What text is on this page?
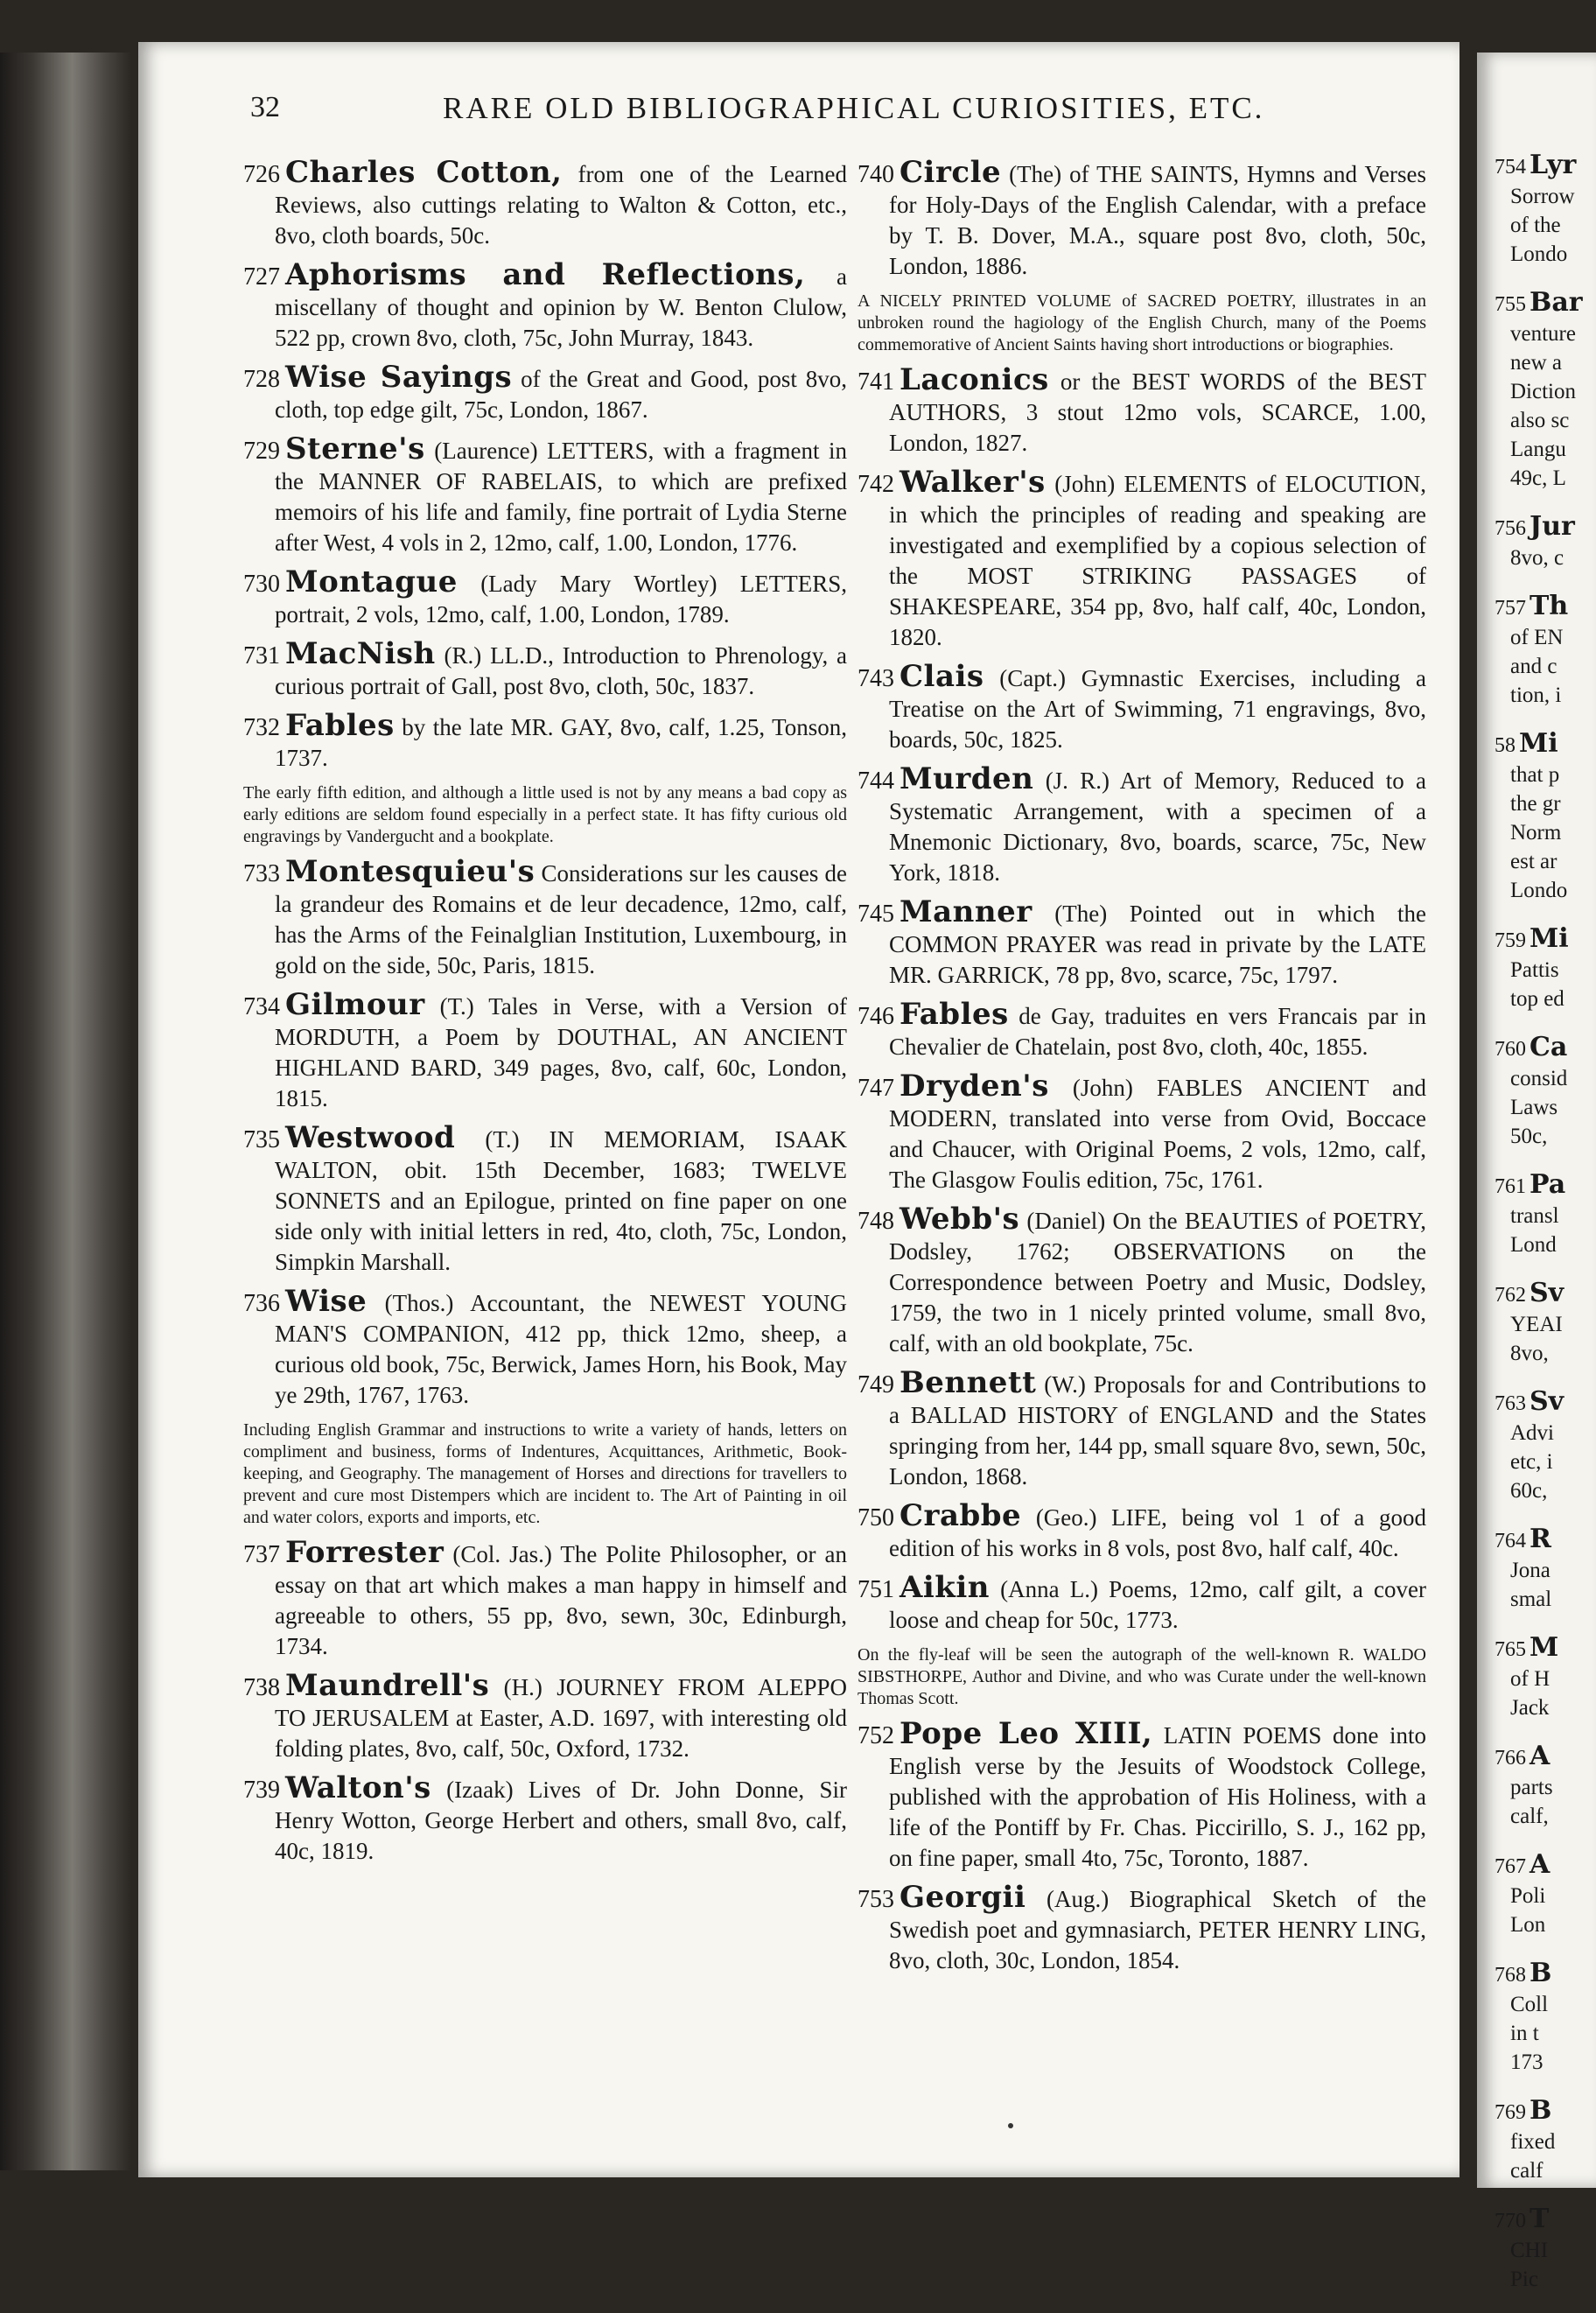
32	RARE OLD BIBLIOGRAPHICAL CURIOSITIES, ETC.

726 Charles Cotton, from one of the Learned Reviews, also cuttings relating to Walton & Cotton, etc., 8vo, cloth boards, 50c.

727 Aphorisms and Reflections, a miscellany of thought and opinion by W. Benton Clulow, 522 pp, crown 8vo, cloth, 75c, John Murray, 1843.

728 Wise Sayings of the Great and Good, post 8vo, cloth, top edge gilt, 75c, London, 1867.

729 Sterne's (Laurence) LETTERS, with a fragment in the MANNER OF RABELAIS, to which are prefixed memoirs of his life and family, fine portrait of Lydia Sterne after West, 4 vols in 2, 12mo, calf, 1.00, London, 1776.

730 Montague (Lady Mary Wortley) LETTERS, portrait, 2 vols, 12mo, calf, 1.00, London, 1789.

731 MacNish (R.) LL.D., Introduction to Phrenology, a curious portrait of Gall, post 8vo, cloth, 50c, 1837.

732 Fables by the late MR. GAY, 8vo, calf, 1.25, Tonson, 1737.

The early fifth edition, and although a little used is not by any means a bad copy as early editions are seldom found especially in a perfect state. It has fifty curious old engravings by Vandergucht and a bookplate.

733 Montesquieu's Considerations sur les causes de la grandeur des Romains et de leur decadence, 12mo, calf, has the Arms of the Feinalglian Institution, Luxembourg, in gold on the side, 50c, Paris, 1815.

734 Gilmour (T.) Tales in Verse, with a Version of MORDUTH, a Poem by DOUTHAL, AN ANCIENT HIGHLAND BARD, 349 pages, 8vo, calf, 60c, London, 1815.

735 Westwood (T.) IN MEMORIAM, ISAAK WALTON, obit. 15th December, 1683; TWELVE SONNETS and an Epilogue, printed on fine paper on one side only with initial letters in red, 4to, cloth, 75c, London, Simpkin Marshall.

736 Wise (Thos.) Accountant, the NEWEST YOUNG MAN'S COMPANION, 412 pp, thick 12mo, sheep, a curious old book, 75c, Berwick, James Horn, his Book, May ye 29th, 1767, 1763.

Including English Grammar and instructions to write a variety of hands, letters on compliment and business, forms of Indentures, Acquittances, Arithmetic, Book-keeping, and Geography. The management of Horses and directions for travellers to prevent and cure most Distempers which are incident to. The Art of Painting in oil and water colors, exports and imports, etc.

737 Forrester (Col. Jas.) The Polite Philosopher, or an essay on that art which makes a man happy in himself and agreeable to others, 55 pp, 8vo, sewn, 30c, Edinburgh, 1734.

738 Maundrell's (H.) JOURNEY FROM ALEPPO TO JERUSALEM at Easter, A.D. 1697, with interesting old folding plates, 8vo, calf, 50c, Oxford, 1732.

739 Walton's (Izaak) Lives of Dr. John Donne, Sir Henry Wotton, George Herbert and others, small 8vo, calf, 40c, 1819.

740 Circle (The) of THE SAINTS, Hymns and Verses for Holy-Days of the English Calendar, with a preface by T. B. Dover, M.A., square post 8vo, cloth, 50c, London, 1886.

A NICELY PRINTED VOLUME of SACRED POETRY, illustrates in an unbroken round the hagiology of the English Church, many of the Poems commemorative of Ancient Saints having short introductions or biographies.

741 Laconics or the BEST WORDS of the BEST AUTHORS, 3 stout 12mo vols, SCARCE, 1.00, London, 1827.

742 Walker's (John) ELEMENTS of ELOCUTION, in which the principles of reading and speaking are investigated and exemplified by a copious selection of the MOST STRIKING PASSAGES of SHAKESPEARE, 354 pp, 8vo, half calf, 40c, London, 1820.

743 Clais (Capt.) Gymnastic Exercises, including a Treatise on the Art of Swimming, 71 engravings, 8vo, boards, 50c, 1825.

744 Murden (J. R.) Art of Memory, Reduced to a Systematic Arrangement, with a specimen of a Mnemonic Dictionary, 8vo, boards, scarce, 75c, New York, 1818.

745 Manner (The) Pointed out in which the COMMON PRAYER was read in private by the LATE MR. GARRICK, 78 pp, 8vo, scarce, 75c, 1797.

746 Fables de Gay, traduites en vers Francais par in Chevalier de Chatelain, post 8vo, cloth, 40c, 1855.

747 Dryden's (John) FABLES ANCIENT and MODERN, translated into verse from Ovid, Boccace and Chaucer, with Original Poems, 2 vols, 12mo, calf, The Glasgow Foulis edition, 75c, 1761.

748 Webb's (Daniel) On the BEAUTIES of POETRY, Dodsley, 1762; OBSERVATIONS on the Correspondence between Poetry and Music, Dodsley, 1759, the two in 1 nicely printed volume, small 8vo, calf, with an old bookplate, 75c.

749 Bennett (W.) Proposals for and Contributions to a BALLAD HISTORY of ENGLAND and the States springing from her, 144 pp, small square 8vo, sewn, 50c, London, 1868.

750 Crabbe (Geo.) LIFE, being vol 1 of a good edition of his works in 8 vols, post 8vo, half calf, 40c.

751 Aikin (Anna L.) Poems, 12mo, calf gilt, a cover loose and cheap for 50c, 1773.

On the fly-leaf will be seen the autograph of the well-known R. WALDO SIBSTHORPE, Author and Divine, and who was Curate under the well-known Thomas Scott.

752 Pope Leo XIII, LATIN POEMS done into English verse by the Jesuits of Woodstock College, published with the approbation of His Holiness, with a life of the Pontiff by Fr. Chas. Piccirillo, S. J., 162 pp, on fine paper, small 4to, 75c, Toronto, 1887.

753 Georgii (Aug.) Biographical Sketch of the Swedish poet and gymnasiarch, PETER HENRY LING, 8vo, cloth, 30c, London, 1854.

754 Lyr
Sorrow
of the
Londo
755 Bar
venture
new a
Diction
also sc
Langu
49c, L
756 Jur
8vo, c
757 Th
of EN
and c
tion, i
58 Mi
that p
the gr
Norm
est ar
Londo
759 Mi
Pattis
top ed
760 Ca
consid
Laws
50c,
761 Pa
transl
Lond
762 Sv
YEAI
8vo,
763 Sv
Advi
etc, i
60c,
764 R
Jona
smal
765 M
of H
Jack
766 A
parts
calf,
767 A
Poli
Lon
768 B
Coll
in t
173
769 B
fixed
calf
770 T
CHI
Pic
